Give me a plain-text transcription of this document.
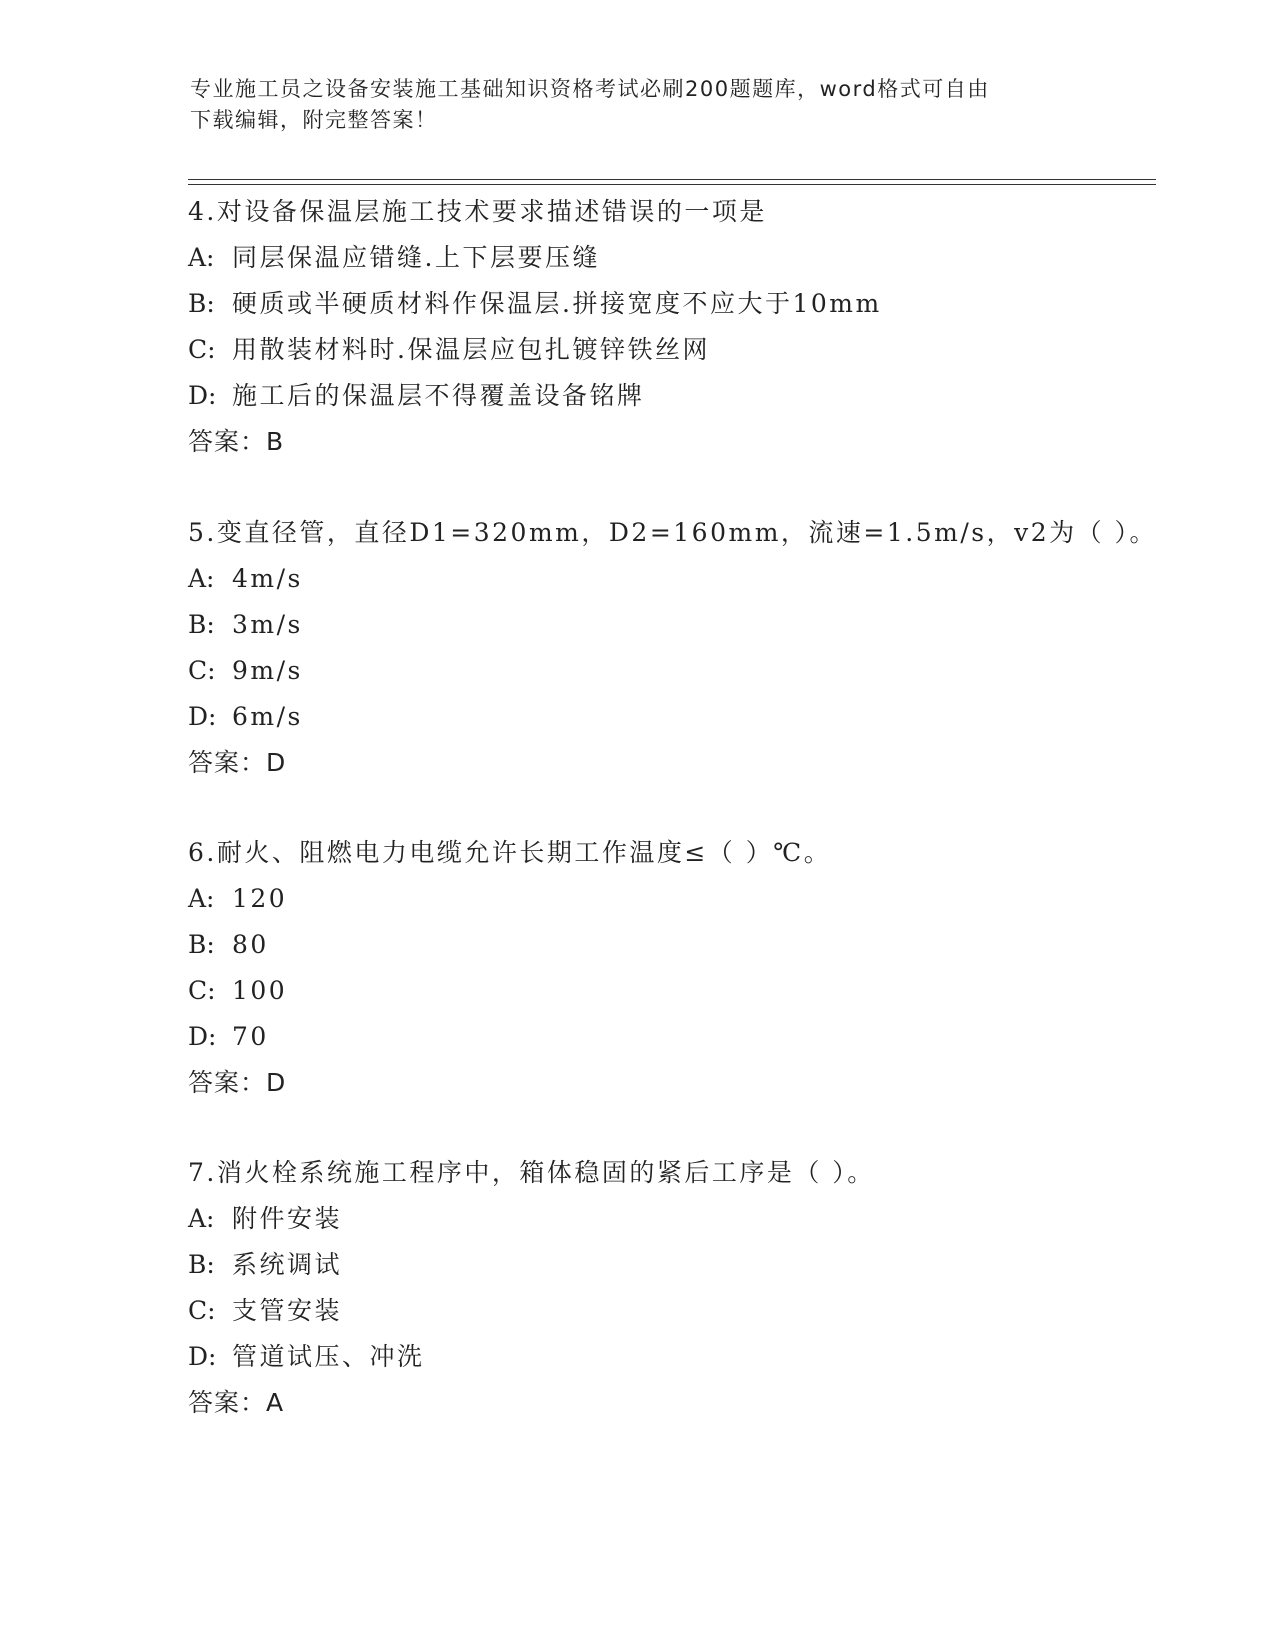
专业施工员之设备安装施工基础知识资格考试必刷200题题库，word格式可自由
下载编辑，附完整答案！
4.对设备保温层施工技术要求描述错误的一项是
A: 同层保温应错缝.上下层要压缝
B: 硬质或半硬质材料作保温层.拼接宽度不应大于10mm
C: 用散装材料时.保温层应包扎镀锌铁丝网
D: 施工后的保温层不得覆盖设备铭牌
答案：B
5.变直径管，直径D1=320mm，D2=160mm，流速=1.5m/s，v2为（ ）。
A: 4m/s
B: 3m/s
C: 9m/s
D: 6m/s
答案：D
6.耐火、阻燃电力电缆允许长期工作温度≤（ ）℃。
A: 120
B: 80
C: 100
D: 70
答案：D
7.消火栓系统施工程序中，箱体稳固的紧后工序是（ ）。
A: 附件安装
B: 系统调试
C: 支管安装
D: 管道试压、冲洗
答案：A
